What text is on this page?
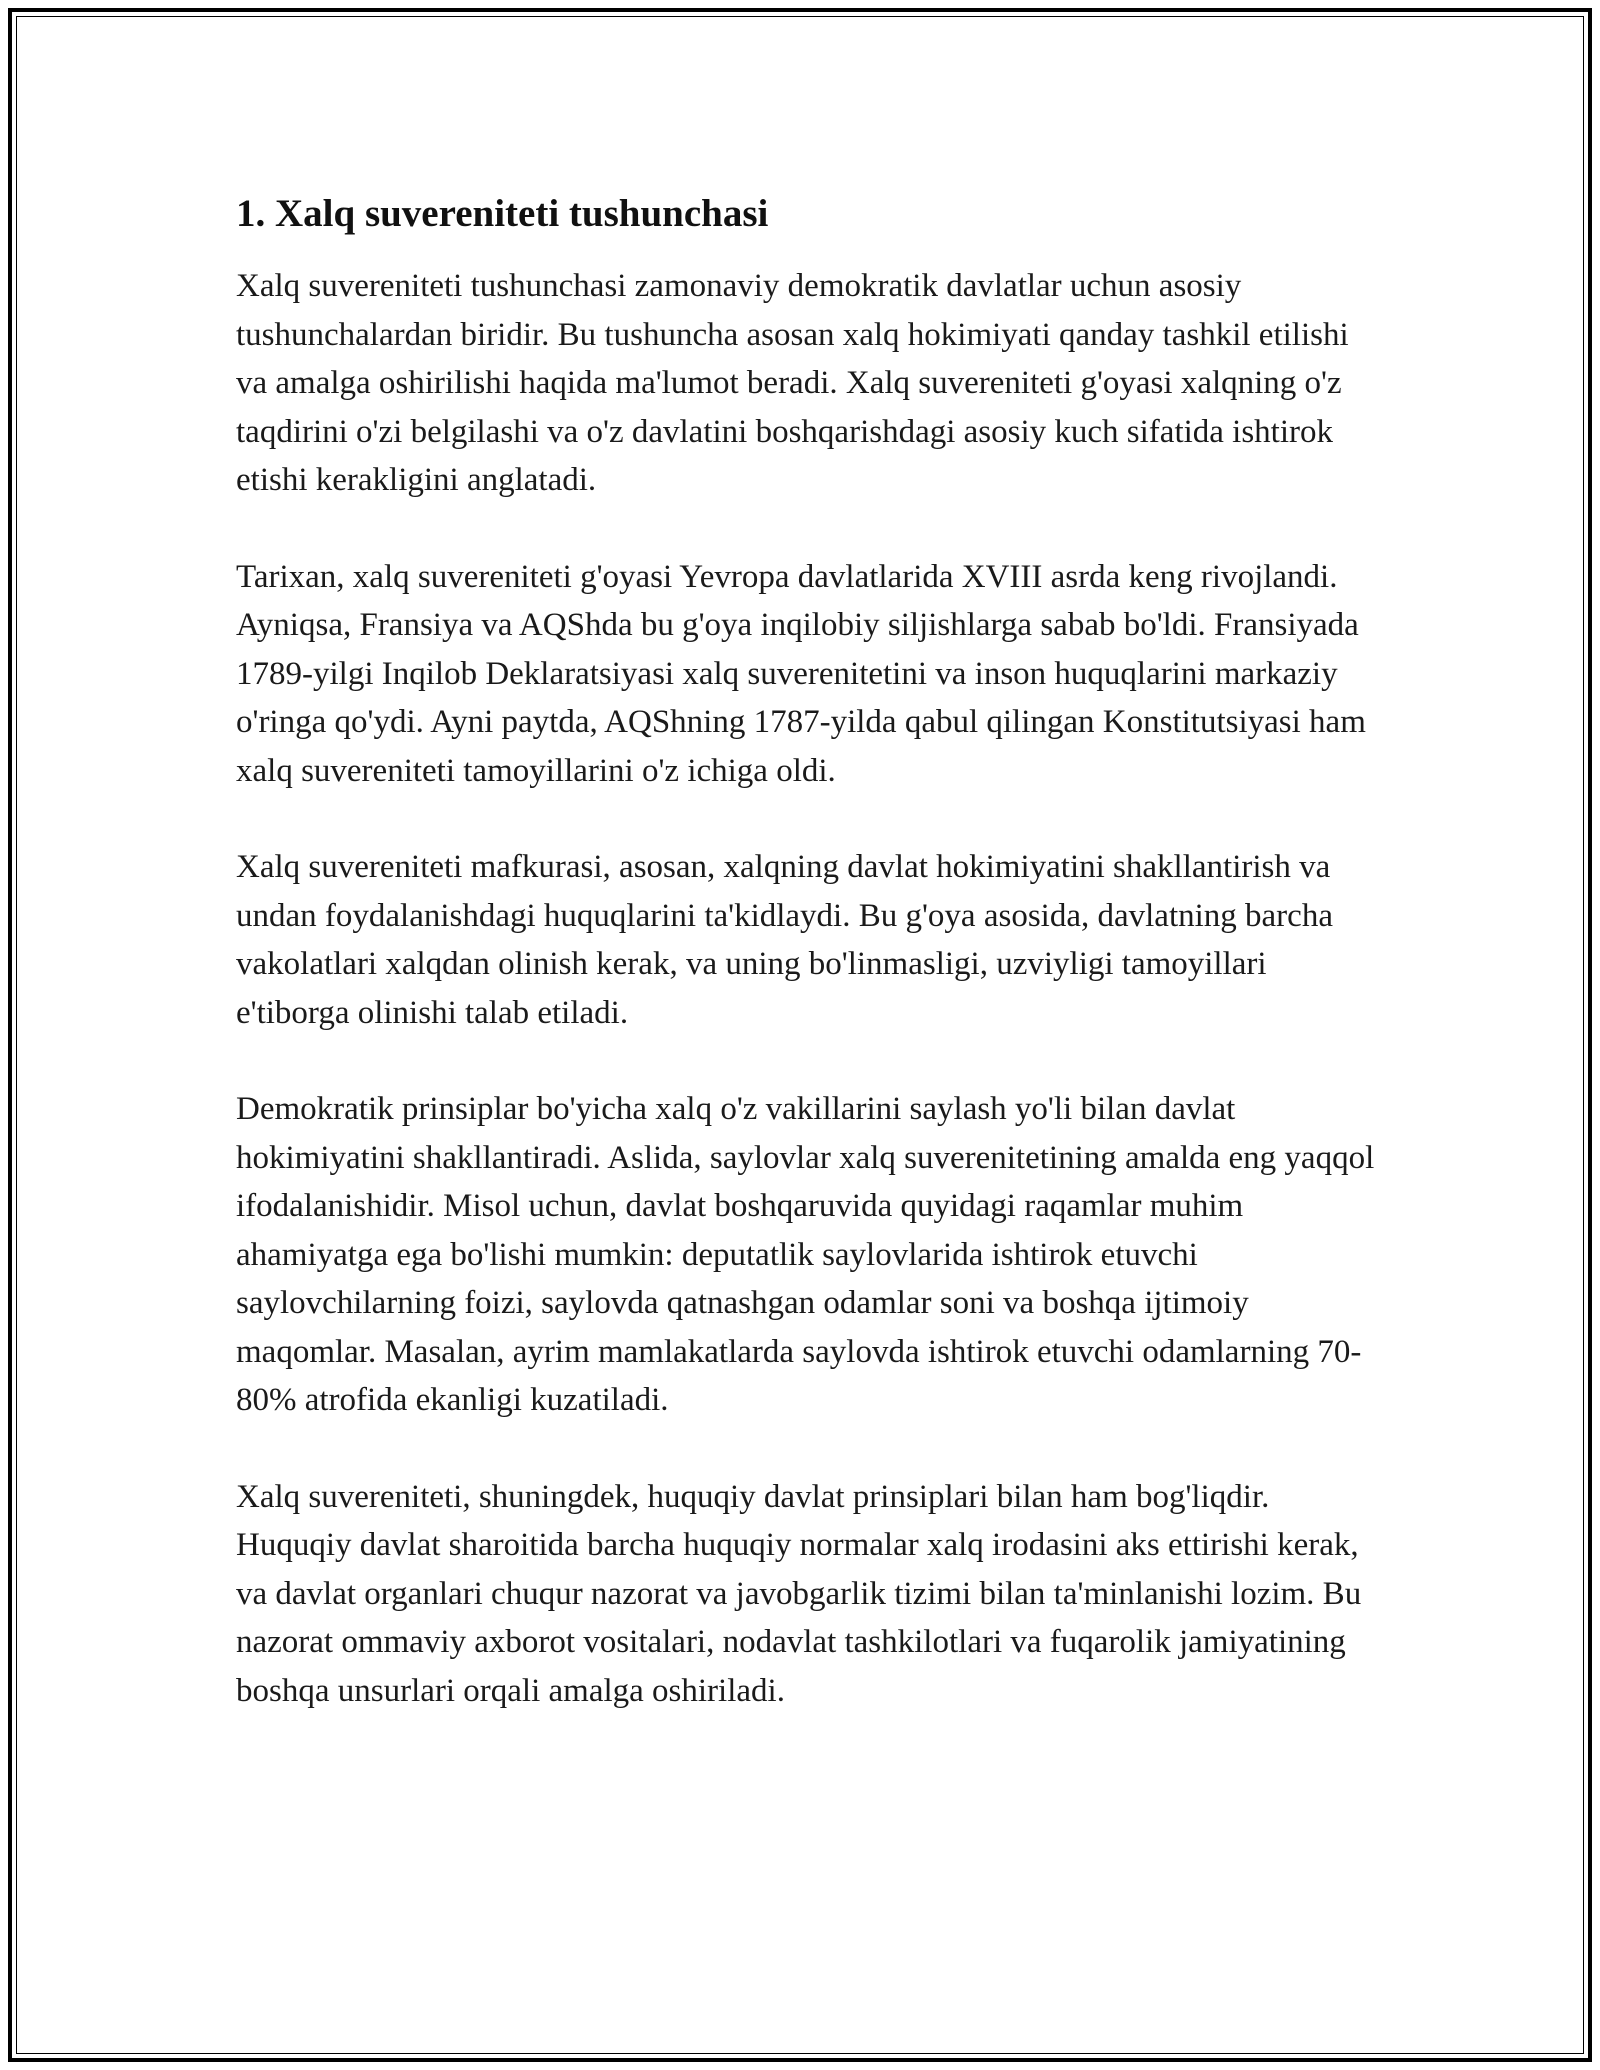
1. Xalq suvereniteti tushunchasi

Xalq suvereniteti tushunchasi zamonaviy demokratik davlatlar uchun asosiy tushunchalardan biridir. Bu tushuncha asosan xalq hokimiyati qanday tashkil etilishi va amalga oshirilishi haqida ma'lumot beradi. Xalq suvereniteti g'oyasi xalqning o'z taqdirini o'zi belgilashi va o'z davlatini boshqarishdagi asosiy kuch sifatida ishtirok etishi kerakligini anglatadi.

Tarixan, xalq suvereniteti g'oyasi Yevropa davlatlarida XVIII asrda keng rivojlandi. Ayniqsa, Fransiya va AQShda bu g'oya inqilobiy siljishlarga sabab bo'ldi. Fransiyada 1789-yilgi Inqilob Deklaratsiyasi xalq suverenitetini va inson huquqlarini markaziy o'ringa qo'ydi. Ayni paytda, AQShning 1787-yilda qabul qilingan Konstitutsiyasi ham xalq suvereniteti tamoyillarini o'z ichiga oldi.

Xalq suvereniteti mafkurasi, asosan, xalqning davlat hokimiyatini shakllantirish va undan foydalanishdagi huquqlarini ta'kidlaydi. Bu g'oya asosida, davlatning barcha vakolatlari xalqdan olinish kerak, va uning bo'linmasligi, uzviyligi tamoyillari e'tiborga olinishi talab etiladi.

Demokratik prinsiplar bo'yicha xalq o'z vakillarini saylash yo'li bilan davlat hokimiyatini shakllantiradi. Aslida, saylovlar xalq suverenitetining amalda eng yaqqol ifodalanishidir. Misol uchun, davlat boshqaruvida quyidagi raqamlar muhim ahamiyatga ega bo'lishi mumkin: deputatlik saylovlarida ishtirok etuvchi saylovchilarning foizi, saylovda qatnashgan odamlar soni va boshqa ijtimoiy maqomlar. Masalan, ayrim mamlakatlarda saylovda ishtirok etuvchi odamlarning 70-80% atrofida ekanligi kuzatiladi.

Xalq suvereniteti, shuningdek, huquqiy davlat prinsiplari bilan ham bog'liqdir. Huquqiy davlat sharoitida barcha huquqiy normalar xalq irodasini aks ettirishi kerak, va davlat organlari chuqur nazorat va javobgarlik tizimi bilan ta'minlanishi lozim. Bu nazorat ommaviy axborot vositalari, nodavlat tashkilotlari va fuqarolik jamiyatining boshqa unsurlari orqali amalga oshiriladi.
